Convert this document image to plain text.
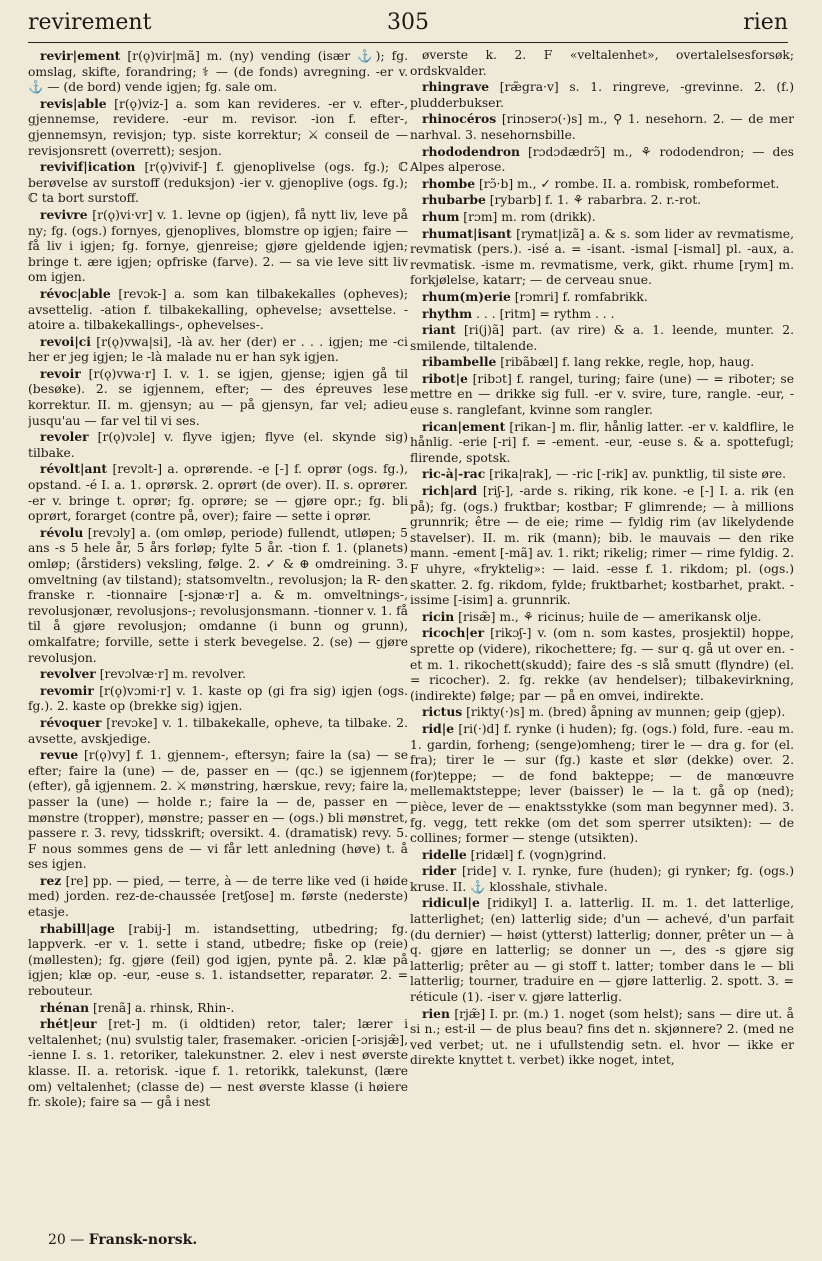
revirement	305	rien
revir|ement [r(ǫ)vir|mã] m. (ny) vending (især ⚓); fg. omslag, skifte, forandring; ⚕ — (de fonds) avregning. -er v. ⚓ — (de bord) vende igjen; fg. sale om.
revis|able [r(ǫ)viz-] a. som kan revideres. -er v. efter-, gjennemse, revidere. -eur m. revisor. -ion f. efter-, gjennemsyn, revisjon; typ. siste korrektur; ⚔ conseil de — revisjonsrett (overrett); sesjon.
revivif|ication [r(ǫ)vivif-] f. gjenoplivelse (ogs. fg.); ℂ berøvelse av surstoff (reduksjon) -ier v. gjenoplive (ogs. fg.); ℂ ta bort surstoff.
revivre [r(ǫ)vi·vr] v. 1. levne op (igjen), få nytt liv, leve på ny; fg. (ogs.) fornyes, gjenoplives, blomstre op igjen; faire — få liv i igjen; fg. fornye, gjenreise; gjøre gjeldende igjen; bringe t. ære igjen; opfriske (farve). 2. — sa vie leve sitt liv om igjen.
révoc|able [revɔk-] a. som kan tilbakekalles (opheves); avsettelig. -ation f. tilbakekalling, ophevelse; avsettelse. -atoire a. tilbakekallings-, ophevelses-.
revoi|ci [r(ǫ)vwa|si], -là av. her (der) er . . . igjen; me -ci her er jeg igjen; le -là malade nu er han syk igjen.
revoir [r(ǫ)vwa·r] I. v. 1. se igjen, gjense; igjen gå til (besøke). 2. se igjennem, efter; — des épreuves lese korrektur. II. m. gjensyn; au — på gjensyn, far vel; adieu jusqu'au — far vel til vi ses.
revoler [r(ǫ)vɔle] v. flyve igjen; flyve (el. skynde sig) tilbake.
révolt|ant [revɔlt-] a. oprørende. -e [-] f. oprør (ogs. fg.), opstand. -é I. a. 1. oprørsk. 2. oprørt (de over). II. s. oprører. -er v. bringe t. oprør; fg. oprøre; se — gjøre opr.; fg. bli oprørt, forarget (contre på, over); faire — sette i oprør.
révolu [revɔly] a. (om omløp, periode) fullendt, utløpen; 5 ans -s 5 hele år, 5 års forløp; fylte 5 år. -tion f. 1. (planets) omløp; (årstiders) veksling, følge. 2. ✓ & ⊕ omdreining. 3. omveltning (av tilstand); statsomveltn., revolusjon; la R- den franske r. -tionnaire [-sjɔnæ·r] a. & m. omveltnings-, revolusjonær, revolusjons-; revolusjonsmann. -tionner v. 1. få til å gjøre revolusjon; omdanne (i bunn og grunn), omkalfatre; forville, sette i sterk bevegelse. 2. (se) — gjøre revolusjon.
revolver [revɔlvæ·r] m. revolver.
revomir [r(ǫ)vɔmi·r] v. 1. kaste op (gi fra sig) igjen (ogs. fg.). 2. kaste op (brekke sig) igjen.
révoquer [revɔke] v. 1. tilbakekalle, opheve, ta tilbake. 2. avsette, avskjedige.
revue [r(ǫ)vy] f. 1. gjennem-, eftersyn; faire la (sa) — se efter; faire la (une) — de, passer en — (qc.) se igjennem (efter), gå igjennem. 2. ⚔ mønstring, hærskue, revy; faire la, passer la (une) — holde r.; faire la — de, passer en — mønstre (tropper), mønstre; passer en — (ogs.) bli mønstret, passere r. 3. revy, tidsskrift; oversikt. 4. (dramatisk) revy. 5. F nous sommes gens de — vi får lett anledning (høve) t. å ses igjen.
rez [re] pp. — pied, — terre, à — de terre like ved (i høide med) jorden. rez-de-chaussée [retʃose] m. første (nederste) etasje.
rhabill|age [rabij-] m. istandsetting, utbedring; fg. lappverk. -er v. 1. sette i stand, utbedre; fiske op (reie) (møllesten); fg. gjøre (feil) god igjen, pynte på. 2. klæ på igjen; klæ op. -eur, -euse s. 1. istandsetter, reparatør. 2. = rebouteur.
rhénan [renã] a. rhinsk, Rhin-.
rhét|eur [ret-] m. (i oldtiden) retor, taler; lærer i veltalenhet; (nu) svulstig taler, frasemaker. -oricien [-ɔrisjæ̃], -ienne I. s. 1. retoriker, talekunstner. 2. elev i nest øverste klasse. II. a. retorisk. -ique f. 1. retorikk, talekunst, (lære om) veltalenhet; (classe de) — nest øverste klasse (i høiere fr. skole); faire sa — gå i nest
øverste k. 2. F «veltalenhet», overtalelsesforsøk; ordskvalder.
rhingrave [ræ̃gra·v] s. 1. ringreve, -grevinne. 2. (f.) pludderbukser.
rhinocéros [rinɔserɔ(·)s] m., ⚲ 1. nesehorn. 2. — de mer narhval. 3. nesehornsbille.
rhododendron [rɔdɔdædrɔ̃] m., ⚘ rododendron; — des Alpes alperose.
rhombe [rɔ̃·b] m., ✓ rombe. II. a. rombisk, rombeformet.
rhubarbe [rybarb] f. 1. ⚘ rabarbra. 2. r.-rot.
rhum [rɔm] m. rom (drikk).
rhumat|isant [rymat|izã] a. & s. som lider av revmatisme, revmatisk (pers.). -isé a. = -isant. -ismal [-ismal] pl. -aux, a. revmatisk. -isme m. revmatisme, verk, gikt. rhume [rym] m. forkjølelse, katarr; — de cerveau snue.
rhum(m)erie [rɔmri] f. romfabrikk.
rhythm . . . [ritm] = rythm . . .
riant [ri(j)ã] part. (av rire) & a. 1. leende, munter. 2. smilende, tiltalende.
ribambelle [ribãbæl] f. lang rekke, regle, hop, haug.
ribot|e [ribɔt] f. rangel, turing; faire (une) — = riboter; se mettre en — drikke sig full. -er v. svire, ture, rangle. -eur, -euse s. ranglefant, kvinne som rangler.
rican|ement [rikan-] m. flir, hånlig latter. -er v. kaldflire, le hånlig. -erie [-ri] f. = -ement. -eur, -euse s. & a. spottefugl; flirende, spotsk.
ric-à|-rac [rika|rak], — -ric [-rik] av. punktlig, til siste øre.
rich|ard [riʃ-], -arde s. riking, rik kone. -e [-] I. a. rik (en på); fg. (ogs.) fruktbar; kostbar; F glimrende; — à millions grunnrik; être — de eie; rime — fyldig rim (av likelydende stavelser). II. m. rik (mann); bib. le mauvais — den rike mann. -ement [-mã] av. 1. rikt; rikelig; rimer — rime fyldig. 2. F uhyre, «fryktelig»: — laid. -esse f. 1. rikdom; pl. (ogs.) skatter. 2. fg. rikdom, fylde; fruktbarhet; kostbarhet, prakt. -issime [-isim] a. grunnrik.
ricin [risæ̃] m., ⚘ ricinus; huile de — amerikansk olje.
ricoch|er [rikɔʃ-] v. (om n. som kastes, prosjektil) hoppe, sprette op (videre), rikochettere; fg. — sur q. gå ut over en. -et m. 1. rikochett(skudd); faire des -s slå smutt (flyndre) (el. = ricocher). 2. fg. rekke (av hendelser); tilbakevirkning, (indirekte) følge; par — på en omvei, indirekte.
rictus [rikty(·)s] m. (bred) åpning av munnen; geip (gjep).
rid|e [ri(·)d] f. rynke (i huden); fg. (ogs.) fold, fure. -eau m. 1. gardin, forheng; (senge)omheng; tirer le — dra g. for (el. fra); tirer le — sur (fg.) kaste et slør (dekke) over. 2. (for)teppe; — de fond bakteppe; — de manœuvre mellemaktsteppe; lever (baisser) le — la t. gå op (ned); pièce, lever de — enaktsstykke (som man begynner med). 3. fg. vegg, tett rekke (om det som sperrer utsikten): — de collines; former — stenge (utsikten).
ridelle [ridæl] f. (vogn)grind.
rider [ride] v. I. rynke, fure (huden); gi rynker; fg. (ogs.) kruse. II. ⚓ klosshale, stivhale.
ridicul|e [ridikyl] I. a. latterlig. II. m. 1. det latterlige, latterlighet; (en) latterlig side; d'un — achevé, d'un parfait (du dernier) — høist (ytterst) latterlig; donner, prêter un — à q. gjøre en latterlig; se donner un —, des -s gjøre sig latterlig; prêter au — gi stoff t. latter; tomber dans le — bli latterlig; tourner, traduire en — gjøre latterlig. 2. spott. 3. = réticule (1). -iser v. gjøre latterlig.
rien [rjæ̃] I. pr. (m.) 1. noget (som helst); sans — dire ut. å si n.; est-il — de plus beau? fins det n. skjønnere? 2. (med ne ved verbet; ut. ne i ufullstendig setn. el. hvor — ikke er direkte knyttet t. verbet) ikke noget, intet,
20 — Fransk-norsk.
